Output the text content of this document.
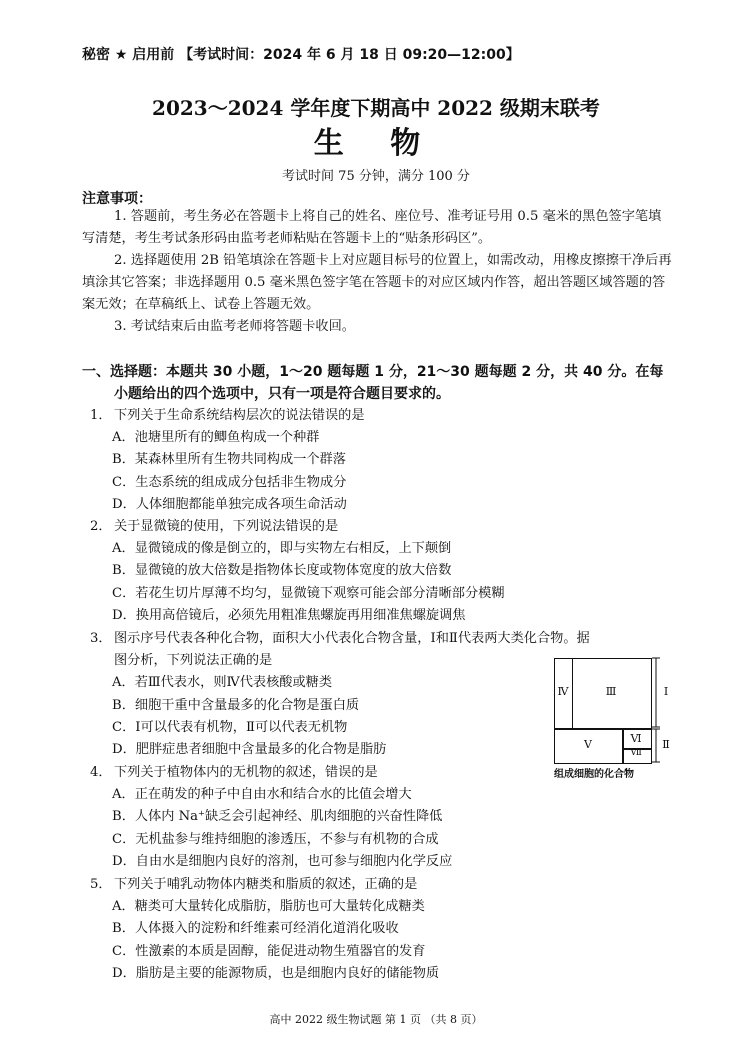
秘密 ★ 启用前 【考试时间：2024 年 6 月 18 日 09:20—12:00】
2023～2024 学年度下期高中 2022 级期末联考
生 物
考试时间 75 分钟，满分 100 分
注意事项：

1. 答题前，考生务必在答题卡上将自己的姓名、座位号、准考证号用 0.5 毫米的黑色签字笔填写清楚，考生考试条形码由监考老师粘贴在答题卡上的“贴条形码区”。

2. 选择题使用 2B 铅笔填涂在答题卡上对应题目标号的位置上，如需改动，用橡皮擦擦干净后再填涂其它答案；非选择题用 0.5 毫米黑色签字笔在答题卡的对应区域内作答，超出答题区域答题的答案无效；在草稿纸上、试卷上答题无效。

3. 考试结束后由监考老师将答题卡收回。

一、选择题：本题共 30 小题，1～20 题每题 1 分，21～30 题每题 2 分，共 40 分。在每
小题给出的四个选项中，只有一项是符合题目要求的。
1． 下列关于生命系统结构层次的说法错误的是
A．池塘里所有的鲫鱼构成一个种群
B．某森林里所有生物共同构成一个群落
C．生态系统的组成成分包括非生物成分
D．人体细胞都能单独完成各项生命活动
2． 关于显微镜的使用，下列说法错误的是
A．显微镜成的像是倒立的，即与实物左右相反，上下颠倒
B．显微镜的放大倍数是指物体长度或物体宽度的放大倍数
C．若花生切片厚薄不均匀，显微镜下观察可能会部分清晰部分模糊
D．换用高倍镜后，必须先用粗准焦螺旋再用细准焦螺旋调焦
3． 图示序号代表各种化合物，面积大小代表化合物含量，Ⅰ和Ⅱ代表两大类化合物。据
图分析，下列说法正确的是
A．若Ⅲ代表水，则Ⅳ代表核酸或糖类
B．细胞干重中含量最多的化合物是蛋白质
C．Ⅰ可以代表有机物，Ⅱ可以代表无机物
D．肥胖症患者细胞中含量最多的化合物是脂肪
Ⅳ	Ⅲ	Ⅰ
Ⅴ	Ⅵ
Ⅶ
Ⅱ
组成细胞的化合物
4． 下列关于植物体内的无机物的叙述，错误的是
A．正在萌发的种子中自由水和结合水的比值会增大
B．人体内 Na⁺缺乏会引起神经、肌肉细胞的兴奋性降低
C．无机盐参与维持细胞的渗透压，不参与有机物的合成
D．自由水是细胞内良好的溶剂，也可参与细胞内化学反应
5． 下列关于哺乳动物体内糖类和脂质的叙述，正确的是
A．糖类可大量转化成脂肪，脂肪也可大量转化成糖类
B．人体摄入的淀粉和纤维素可经消化道消化吸收
C．性激素的本质是固醇，能促进动物生殖器官的发育
D．脂肪是主要的能源物质，也是细胞内良好的储能物质
高中 2022 级生物试题 第 1 页 （共 8 页）
